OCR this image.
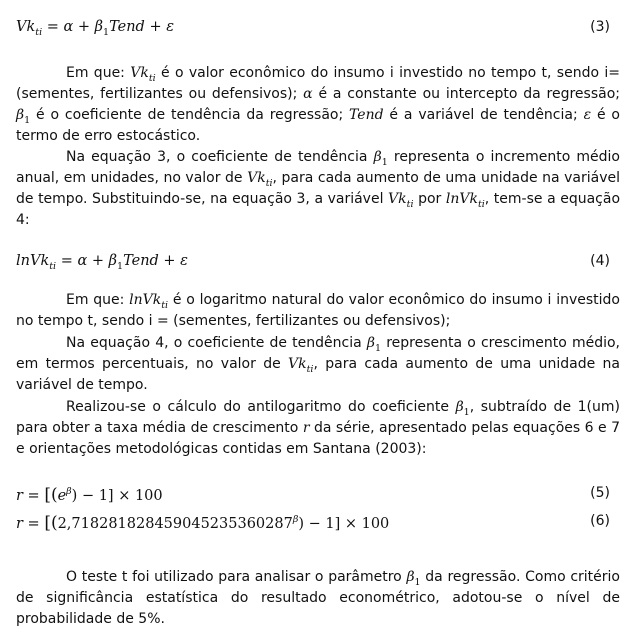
$Vk_{ti} = \alpha$ + $\beta_1Tend + \varepsilon$	(3)

Em que: $Vk_{ti}$ é o valor econômico do insumo i investido no tempo t, sendo i=(sementes, fertilizantes ou defensivos); α é a constante ou intercepto da regressão; $\beta_1$ é o coeficiente de tendência da regressão; Tend é a variável de tendência; ε é o termo de erro estocástico.

Na equação 3, o coeficiente de tendência $\beta_1$ representa o incremento médio anual, em unidades, no valor de $Vk_{ti}$, para cada aumento de uma unidade na variável de tempo. Substituindo-se, na equação 3, a variável $Vk_{ti}$ por lnVk$_{ti}$, tem-se a equação 4:

lnVk$_{ti}$ = $\alpha + \beta_1Tend + \varepsilon$	(4)

Em que: lnVk$_{ti}$ é o logaritmo natural do valor econômico do insumo i investido no tempo t, sendo i = (sementes, fertilizantes ou defensivos);

Na equação 4, o coeficiente de tendência $\beta_1$ representa o crescimento médio, em termos percentuais, no valor de $Vk_{ti}$, para cada aumento de uma unidade na variável de tempo.

Realizou-se o cálculo do antilogaritmo do coeficiente $\beta_1$, subtraído de 1(um) para obter a taxa média de crescimento r da série, apresentado pelas equações 6 e 7 e orientações metodológicas contidas em Santana (2003):

$r = [(e^\beta) - 1] \times 100$	(5)
$r = [(2,718281828459045235360287^\beta) - 1] \times 100$	(6)

O teste t foi utilizado para analisar o parâmetro $\beta_1$ da regressão. Como critério de significância estatística do resultado econométrico, adotou-se o nível de probabilidade de 5%.
